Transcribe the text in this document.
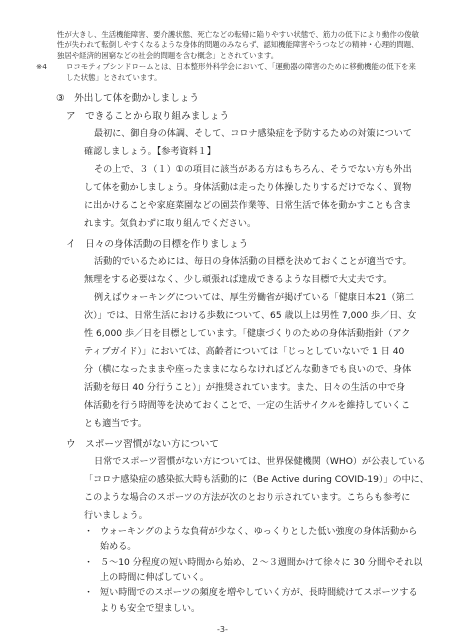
性が大きし、生活機能障害、要介護状態、死亡などの転帰に陥りやすい状態で、筋力の低下により動作の俊敏
性が失われて転倒しやすくなるような身体的問題のみならず、認知機能障害やうつなどの精神・心理的問題、
独居や経済的困窮などの社会的問題を含む概念」とされています。
※4	ロコモティブシンドロームとは、日本整形外科学会において、「運動器の障害のために移動機能の低下を来
した状態」とされています。
③　外出して体を動かしましょう
ア　できることから取り組みましょう
最初に、御自身の体調、そして、コロナ感染症を予防するための対策について
確認しましょう。【参考資料１】
その上で、３（１）①の項目に該当がある方はもちろん、そうでない方も外出
して体を動かしましょう。身体活動は走ったり体操したりするだけでなく、買物
に出かけることや家庭菜園などの園芸作業等、日常生活で体を動かすことも含ま
れます。気負わずに取り組んでください。
イ　日々の身体活動の目標を作りましょう
活動的でいるためには、毎日の身体活動の目標を決めておくことが適当です。
無理をする必要はなく、少し頑張れば達成できるような目標で大丈夫です。
例えばウォーキングについては、厚生労働省が掲げている「健康日本21（第二
次）」では、日常生活における歩数について、65 歳以上は男性 7,000 歩／日、女
性 6,000 歩／日を目標としています。「健康づくりのための身体活動指針（アク
ティブガイド）」においては、高齢者については「じっとしていないで 1 日 40
分（横になったままや座ったままにならなければどんな動きでも良いので、身体
活動を毎日 40 分行うこと）」が推奨されています。また、日々の生活の中で身
体活動を行う時間等を決めておくことで、一定の生活サイクルを維持していくこ
とも適当です。
ウ　スポーツ習慣がない方について
日常でスポーツ習慣がない方については、世界保健機関（WHO）が公表している
「コロナ感染症の感染拡大時も活動的に（Be Active during COVID-19）」の中に、
このような場合のスポーツの方法が次のとおり示されています。こちらも参考に
行いましょう。
-3-
・ ウォーキングのような負荷が少なく、ゆっくりとした低い強度の身体活動から
始める。
・ ５〜10 分程度の短い時間から始め、２〜３週間かけて徐々に 30 分間やそれ以
上の時間に伸ばしていく。
・ 短い時間でのスポーツの頻度を増やしていく方が、長時間続けてスポーツする
よりも安全で望ましい。
